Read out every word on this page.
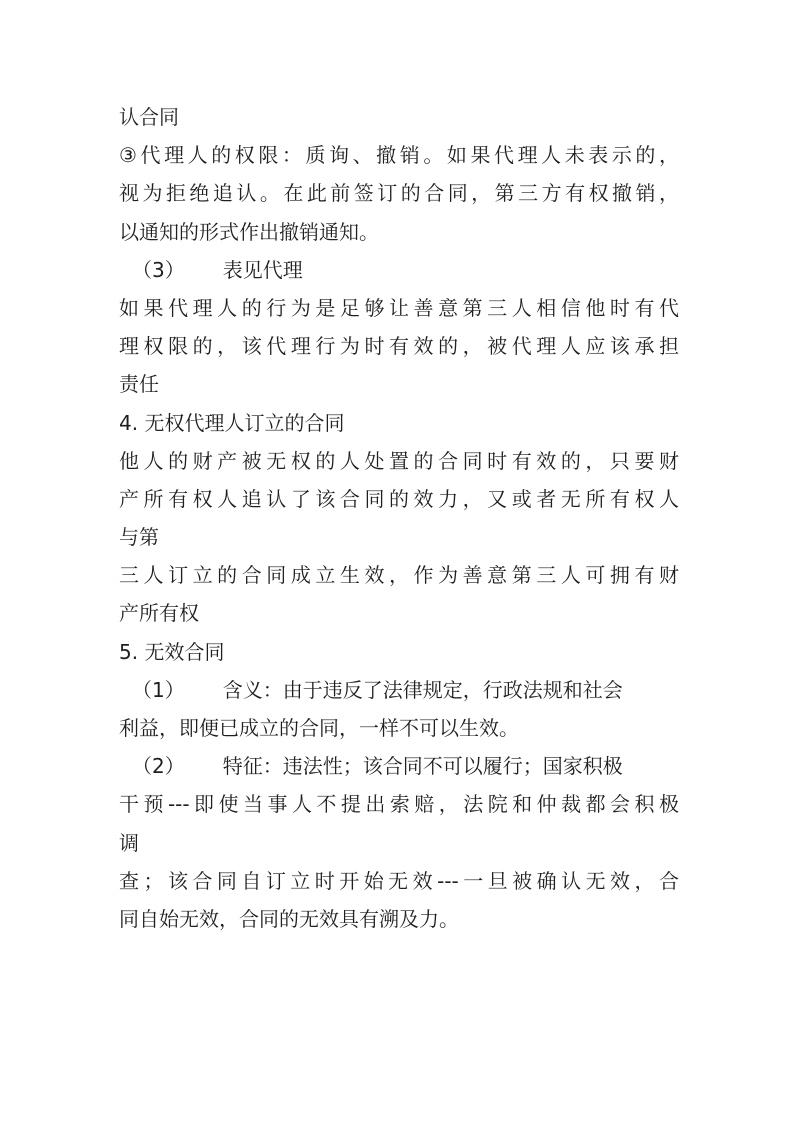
认合同
③代理人的权限：质询、撤销。如果代理人未表示的，
视为拒绝追认。在此前签订的合同，第三方有权撤销，
以通知的形式作出撤销通知。
（3） 表见代理
如果代理人的行为是足够让善意第三人相信他时有代
理权限的，该代理行为时有效的，被代理人应该承担
责任
4. 无权代理人订立的合同
他人的财产被无权的人处置的合同时有效的，只要财
产所有权人追认了该合同的效力，又或者无所有权人
与第
三人订立的合同成立生效，作为善意第三人可拥有财
产所有权
5. 无效合同
（1） 含义：由于违反了法律规定，行政法规和社会
利益，即便已成立的合同，一样不可以生效。
（2） 特征：违法性；该合同不可以履行；国家积极
干预---即使当事人不提出索赔，法院和仲裁都会积极
调
查；该合同自订立时开始无效---一旦被确认无效，合
同自始无效，合同的无效具有溯及力。
